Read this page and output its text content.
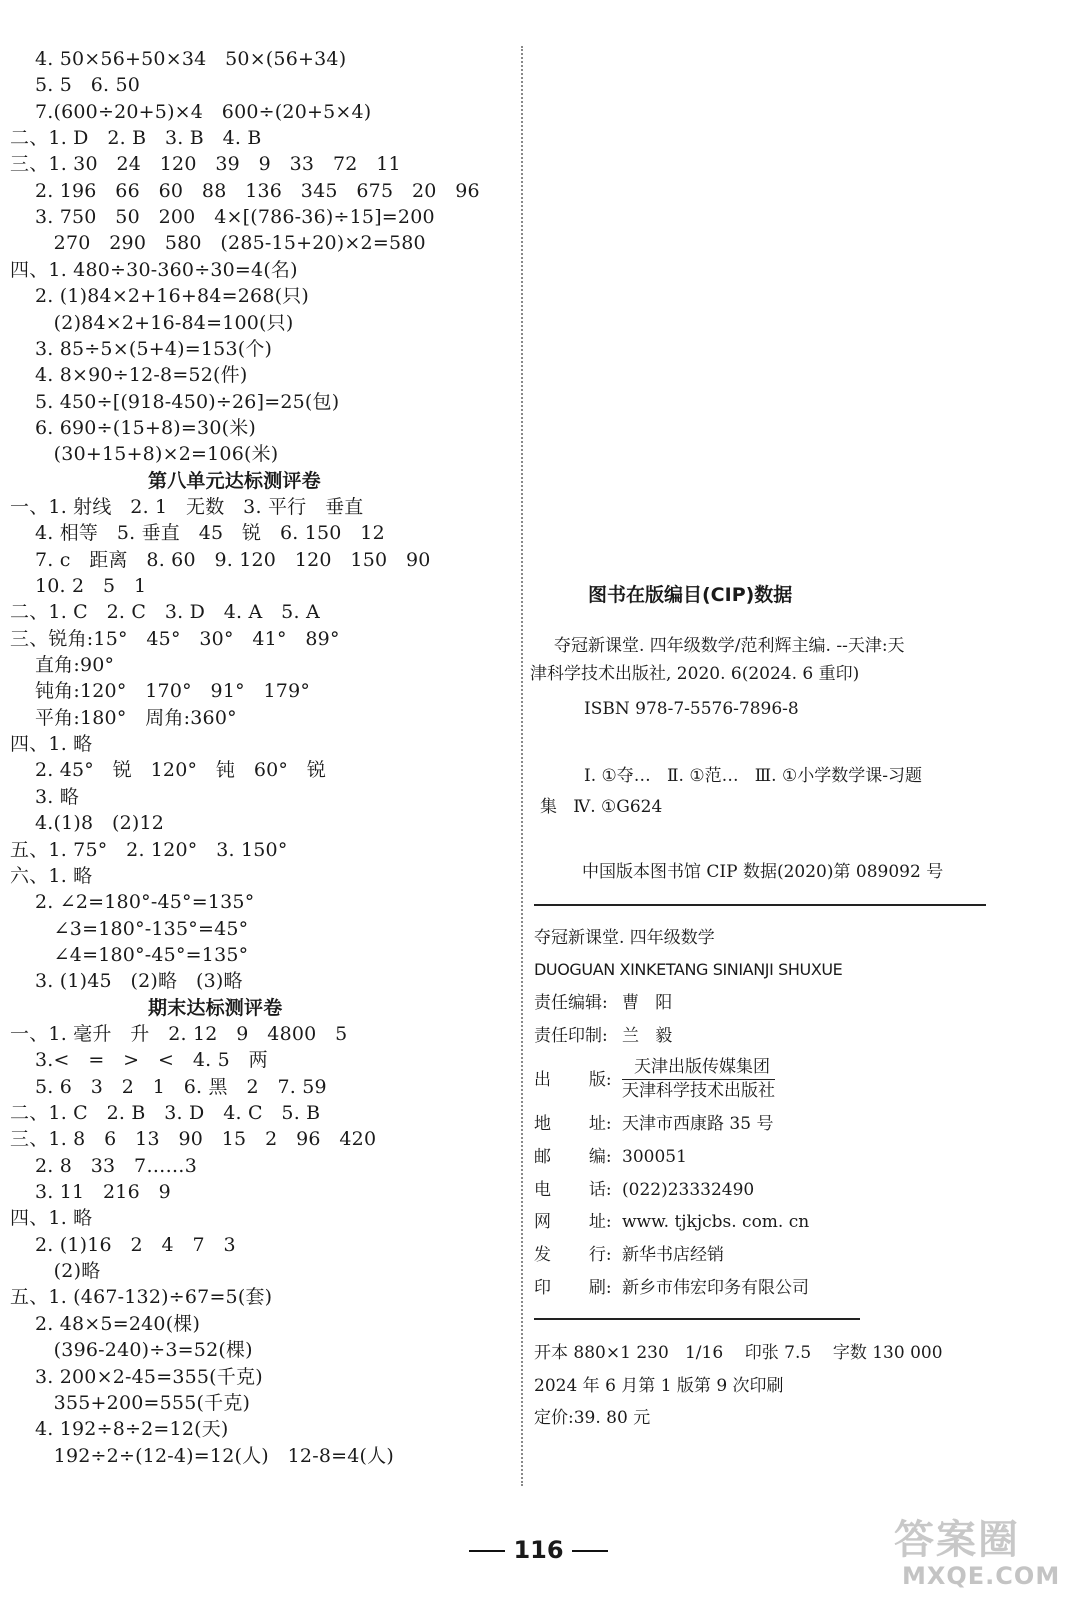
4. 50×56+50×34   50×(56+34)
5. 5   6. 50
7.(600÷20+5)×4   600÷(20+5×4)
二、1. D   2. B   3. B   4. B
三、1. 30   24   120   39   9   33   72   11
2. 196   66   60   88   136   345   675   20   96
3. 750   50   200   4×[(786-36)÷15]=200
270   290   580   (285-15+20)×2=580
四、1. 480÷30-360÷30=4(名)
2. (1)84×2+16+84=268(只)
(2)84×2+16-84=100(只)
3. 85÷5×(5+4)=153(个)
4. 8×90÷12-8=52(件)
5. 450÷[(918-450)÷26]=25(包)
6. 690÷(15+8)=30(米)
(30+15+8)×2=106(米)
第八单元达标测评卷
一、1. 射线   2. 1   无数   3. 平行   垂直
4. 相等   5. 垂直   45   锐   6. 150   12
7. c   距离   8. 60   9. 120   120   150   90
10. 2   5   1
二、1. C   2. C   3. D   4. A   5. A
三、锐角:15°   45°   30°   41°   89°
直角:90°
钝角:120°   170°   91°   179°
平角:180°   周角:360°
四、1. 略
2. 45°   锐   120°   钝   60°   锐
3. 略
4.(1)8   (2)12
五、1. 75°   2. 120°   3. 150°
六、1. 略
2. ∠2=180°-45°=135°
∠3=180°-135°=45°
∠4=180°-45°=135°
3. (1)45   (2)略   (3)略
期末达标测评卷
一、1. 毫升   升   2. 12   9   4800   5
3.<   =   >   <   4. 5   两
5. 6   3   2   1   6. 黑   2   7. 59
二、1. C   2. B   3. D   4. C   5. B
三、1. 8   6   13   90   15   2   96   420
2. 8   33   7……3
3. 11   216   9
四、1. 略
2. (1)16   2   4   7   3
(2)略
五、1. (467-132)÷67=5(套)
2. 48×5=240(棵)
(396-240)÷3=52(棵)
3. 200×2-45=355(千克)
355+200=555(千克)
4. 192÷8÷2=12(天)
192÷2÷(12-4)=12(人)   12-8=4(人)
图书在版编目(CIP)数据
夺冠新课堂. 四年级数学/范利辉主编. --天津:天
津科学技术出版社, 2020. 6(2024. 6 重印)
ISBN 978-7-5576-7896-8
Ⅰ. ①夺…   Ⅱ. ①范…   Ⅲ. ①小学数学课-习题
集   Ⅳ. ①G624
中国版本图书馆 CIP 数据(2020)第 089092 号
夺冠新课堂. 四年级数学
DUOGUAN XINKETANG SINIANJI SHUXUE
责任编辑: 曹   阳
责任印制: 兰   毅
出       版:
天津出版传媒集团
天津科学技术出版社
地       址: 天津市西康路 35 号
邮       编: 300051
电       话: (022)23332490
网       址: www. tjkjcbs. com. cn
发       行: 新华书店经销
印       刷: 新乡市伟宏印务有限公司
开本 880×1 230   1/16    印张 7.5    字数 130 000
2024 年 6 月第 1 版第 9 次印刷
定价:39. 80 元
116	答案圈
MXQE.COM
